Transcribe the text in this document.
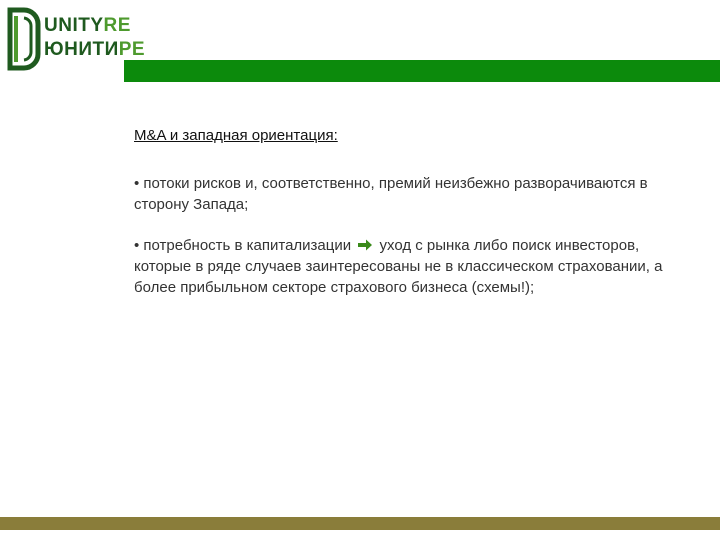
UNITYRE
ЮНИТИРЕ

M&A и западная ориентация:

• потоки рисков и, соответственно, премий неизбежно разворачиваются в сторону Запада;

• потребность в капитализации уход с рынка либо поиск инвесторов, которые в ряде случаев заинтересованы не в классическом страховании, а более прибыльном секторе страхового бизнеса (схемы!);
